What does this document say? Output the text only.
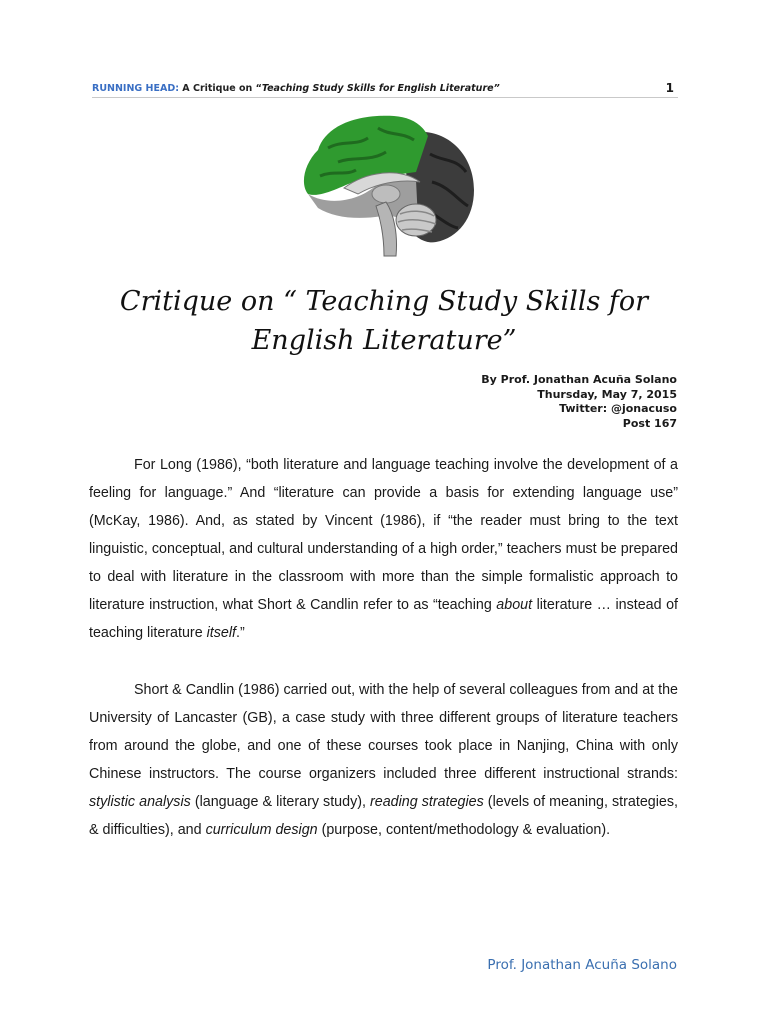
RUNNING HEAD: A Critique on “Teaching Study Skills for English Literature”	1
Critique on “ Teaching Study Skills for
English Literature”
By Prof. Jonathan Acuña Solano
Thursday, May 7, 2015
Twitter: @jonacuso
Post 167
For Long (1986), “both literature and language teaching involve the development of a feeling for language.” And “literature can provide a basis for extending language use” (McKay, 1986). And, as stated by Vincent (1986), if “the reader must bring to the text linguistic, conceptual, and cultural understanding of a high order,” teachers must be prepared to deal with literature in the classroom with more than the simple formalistic approach to literature instruction, what Short & Candlin refer to as “teaching about literature … instead of teaching literature itself.”
Short & Candlin (1986) carried out, with the help of several colleagues from and at the University of Lancaster (GB), a case study with three different groups of literature teachers from around the globe, and one of these courses took place in Nanjing, China with only Chinese instructors. The course organizers included three different instructional strands: stylistic analysis (language & literary study), reading strategies (levels of meaning, strategies, & difficulties), and curriculum design (purpose, content/methodology & evaluation).
Prof. Jonathan Acuña Solano
